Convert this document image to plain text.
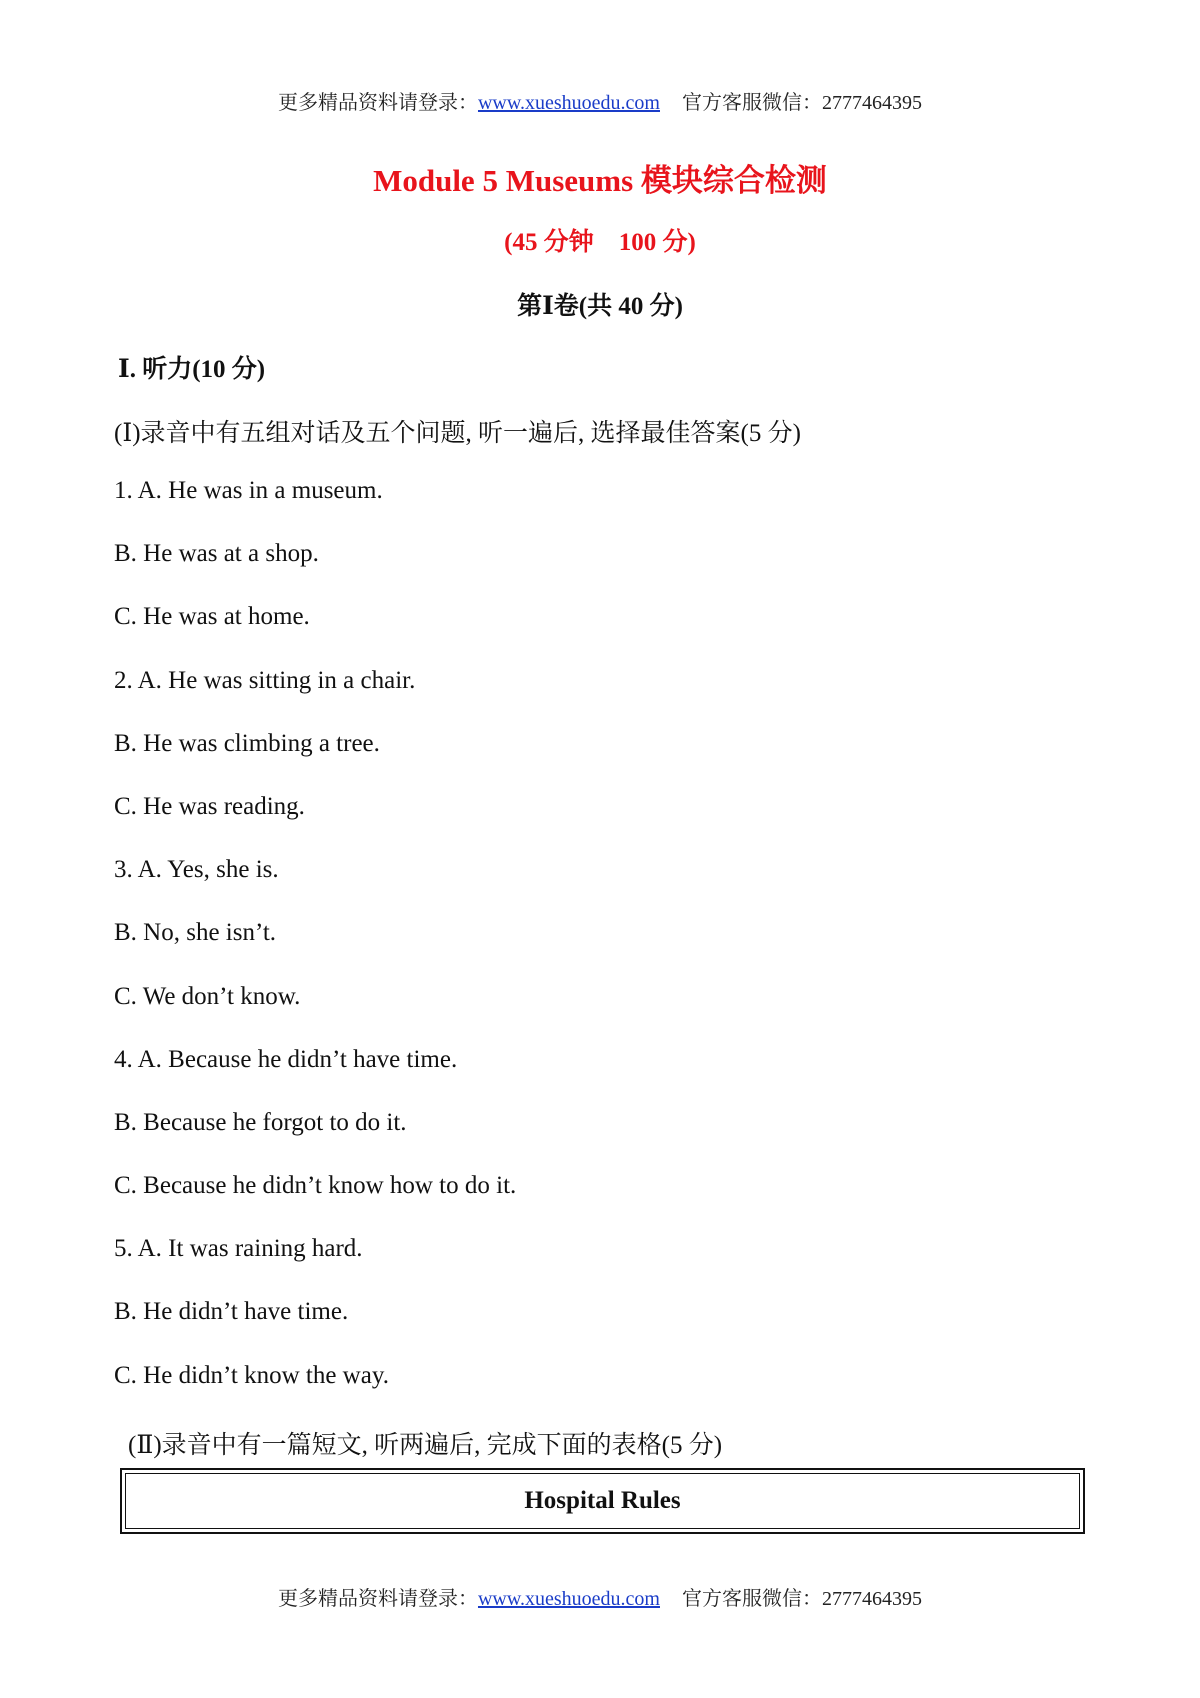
更多精品资料请登录：www.xueshuoedu.com 官方客服微信：2777464395
Module 5 Museums 模块综合检测
(45 分钟    100 分)
第Ⅰ卷(共 40 分)
Ⅰ. 听力(10 分)
(Ⅰ)录音中有五组对话及五个问题, 听一遍后, 选择最佳答案(5 分)
1. A. He was in a museum.
B. He was at a shop.
C. He was at home.
2. A. He was sitting in a chair.
B. He was climbing a tree.
C. He was reading.
3. A. Yes, she is.
B. No, she isn’t.
C. We don’t know.
4. A. Because he didn’t have time.
B. Because he forgot to do it.
C. Because he didn’t know how to do it.
5. A. It was raining hard.
B. He didn’t have time.
C. He didn’t know the way.
(Ⅱ)录音中有一篇短文, 听两遍后, 完成下面的表格(5 分)
Hospital Rules
更多精品资料请登录：www.xueshuoedu.com 官方客服微信：2777464395
